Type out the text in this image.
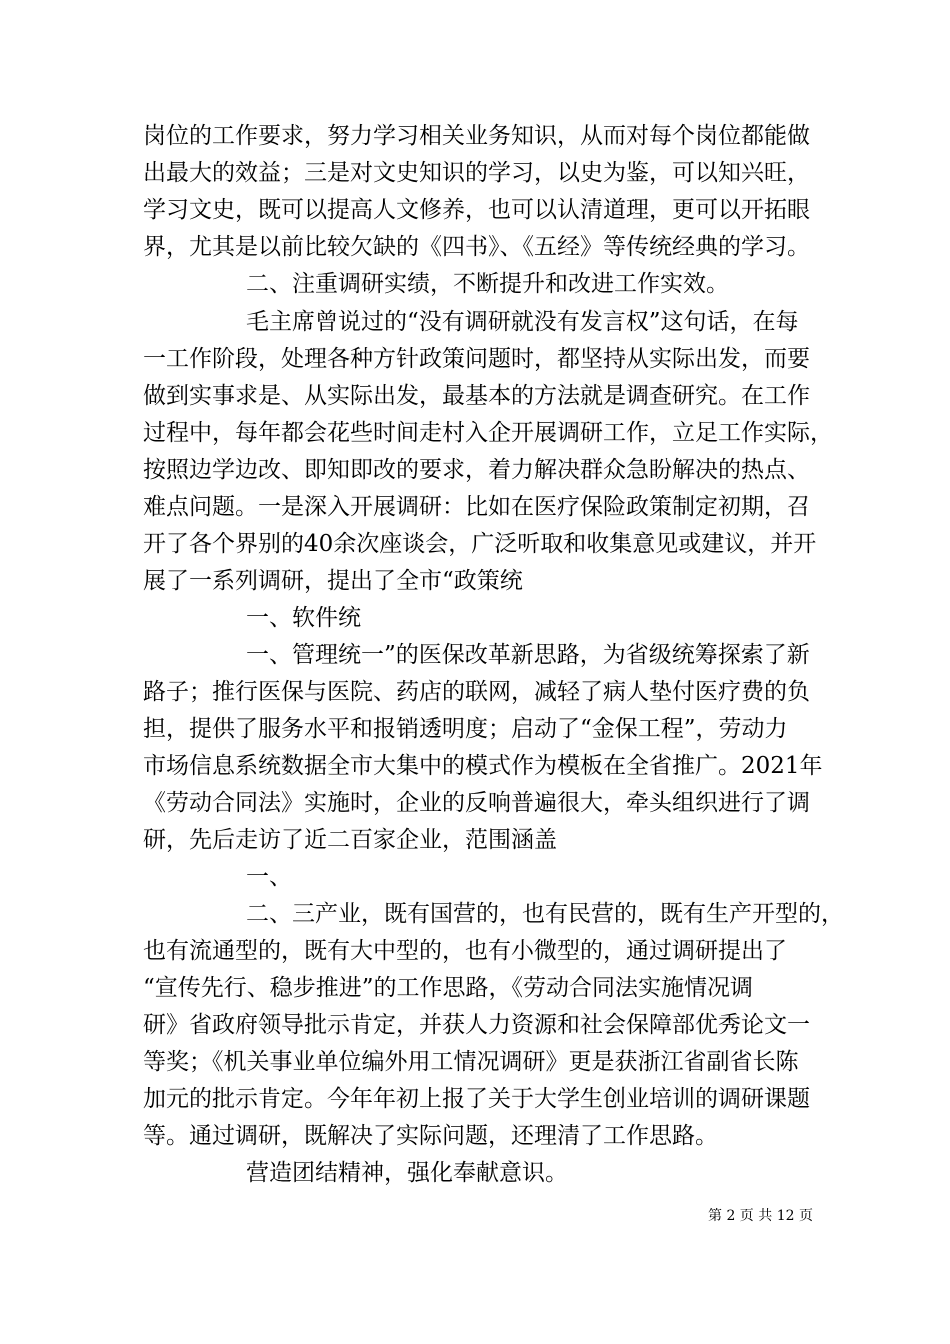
岗位的工作要求，努力学习相关业务知识，从而对每个岗位都能做
出最大的效益；三是对文史知识的学习，以史为鉴，可以知兴旺，
学习文史，既可以提高人文修养，也可以认清道理，更可以开拓眼
界，尤其是以前比较欠缺的《四书》、《五经》等传统经典的学习。
二、注重调研实绩，不断提升和改进工作实效。
毛主席曾说过的“没有调研就没有发言权”这句话，在每
一工作阶段，处理各种方针政策问题时，都坚持从实际出发，而要
做到实事求是、从实际出发，最基本的方法就是调查研究。在工作
过程中，每年都会花些时间走村入企开展调研工作，立足工作实际，
按照边学边改、即知即改的要求，着力解决群众急盼解决的热点、
难点问题。一是深入开展调研：比如在医疗保险政策制定初期，召
开了各个界别的40余次座谈会，广泛听取和收集意见或建议，并开
展了一系列调研，提出了全市“政策统
一、软件统
一、管理统一”的医保改革新思路，为省级统筹探索了新
路子；推行医保与医院、药店的联网，减轻了病人垫付医疗费的负
担，提供了服务水平和报销透明度；启动了“金保工程”，劳动力
市场信息系统数据全市大集中的模式作为模板在全省推广。2021年
《劳动合同法》实施时，企业的反响普遍很大，牵头组织进行了调
研，先后走访了近二百家企业，范围涵盖
一、
二、三产业，既有国营的，也有民营的，既有生产开型的，
也有流通型的，既有大中型的，也有小微型的，通过调研提出了
“宣传先行、稳步推进”的工作思路，《劳动合同法实施情况调
研》省政府领导批示肯定，并获人力资源和社会保障部优秀论文一
等奖；《机关事业单位编外用工情况调研》更是获浙江省副省长陈
加元的批示肯定。今年年初上报了关于大学生创业培训的调研课题
等。通过调研，既解决了实际问题，还理清了工作思路。
营造团结精神，强化奉献意识。
第 2 页 共 12 页
